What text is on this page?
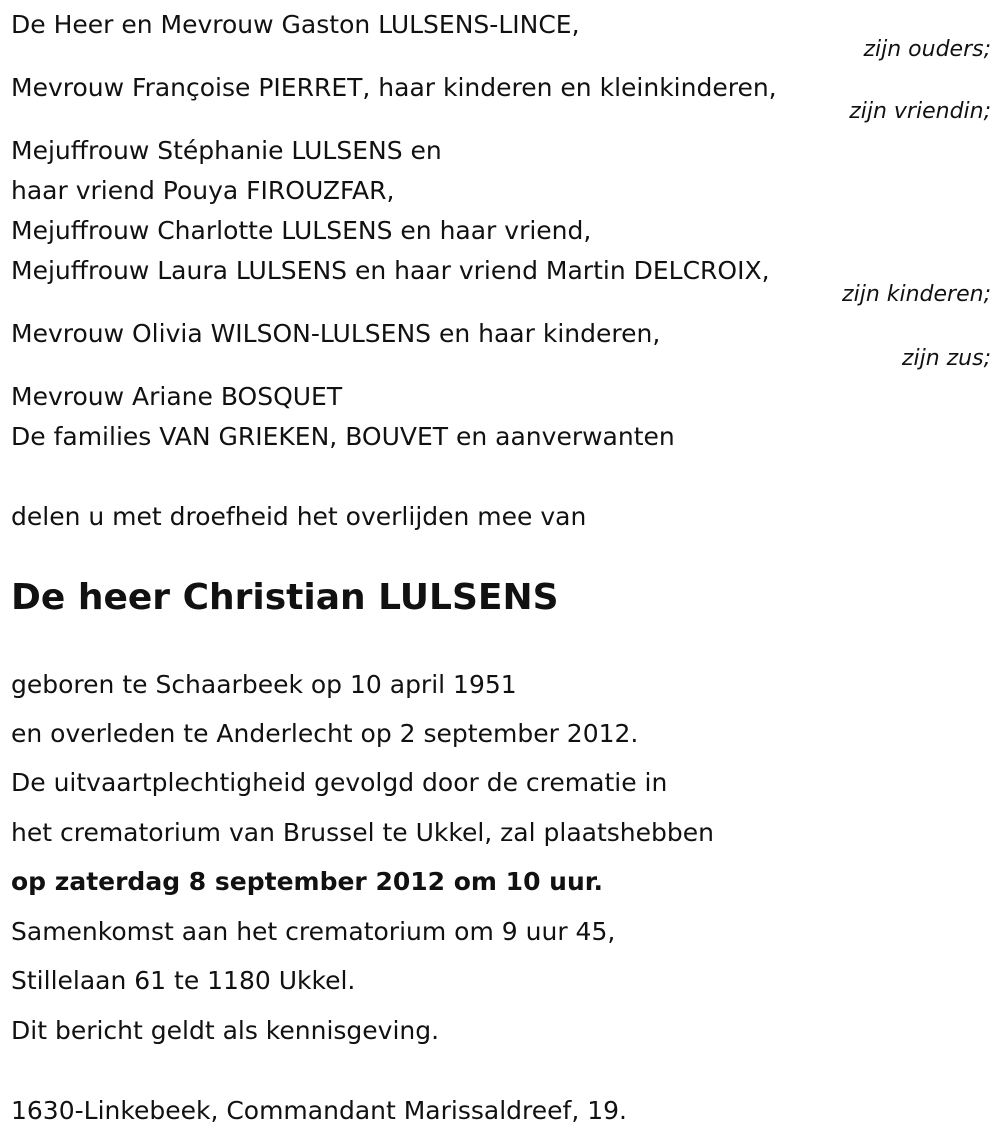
De Heer en Mevrouw Gaston LULSENS-LINCE,
zijn ouders;
Mevrouw Françoise PIERRET, haar kinderen en kleinkinderen,
zijn vriendin;
Mejuffrouw Stéphanie LULSENS en
haar vriend Pouya FIROUZFAR,
Mejuffrouw Charlotte LULSENS en haar vriend,
Mejuffrouw Laura LULSENS en haar vriend Martin DELCROIX,
zijn kinderen;
Mevrouw Olivia WILSON-LULSENS en haar kinderen,
zijn zus;
Mevrouw Ariane BOSQUET
De families VAN GRIEKEN, BOUVET en aanverwanten
delen u met droefheid het overlijden mee van
De heer Christian LULSENS
geboren te Schaarbeek op 10 april 1951
en overleden te Anderlecht op 2 september 2012.
De uitvaartplechtigheid gevolgd door de crematie in
het crematorium van Brussel te Ukkel, zal plaatshebben
op zaterdag 8 september 2012 om 10 uur.
Samenkomst aan het crematorium om 9 uur 45,
Stillelaan 61 te 1180 Ukkel.
Dit bericht geldt als kennisgeving.
1630-Linkebeek, Commandant Marissaldreef, 19.
